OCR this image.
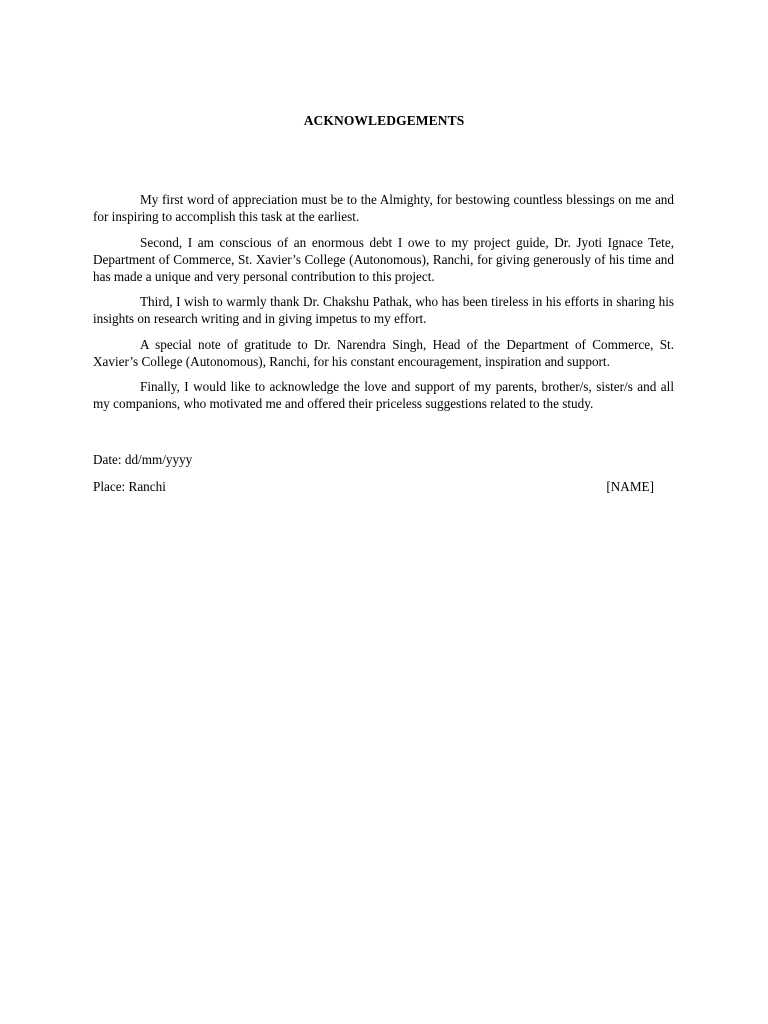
ACKNOWLEDGEMENTS

My first word of appreciation must be to the Almighty, for bestowing countless blessings on me and for inspiring to accomplish this task at the earliest.

Second, I am conscious of an enormous debt I owe to my project guide, Dr. Jyoti Ignace Tete, Department of Commerce, St. Xavier’s College (Autonomous), Ranchi, for giving generously of his time and has made a unique and very personal contribution to this project.

Third, I wish to warmly thank Dr. Chakshu Pathak, who has been tireless in his efforts in sharing his insights on research writing and in giving impetus to my effort.

A special note of gratitude to Dr. Narendra Singh, Head of the Department of Commerce, St. Xavier’s College (Autonomous), Ranchi, for his constant encouragement, inspiration and support.

Finally, I would like to acknowledge the love and support of my parents, brother/s, sister/s and all my companions, who motivated me and offered their priceless suggestions related to the study.

Date: dd/mm/yyyy
Place: Ranchi	[NAME]
